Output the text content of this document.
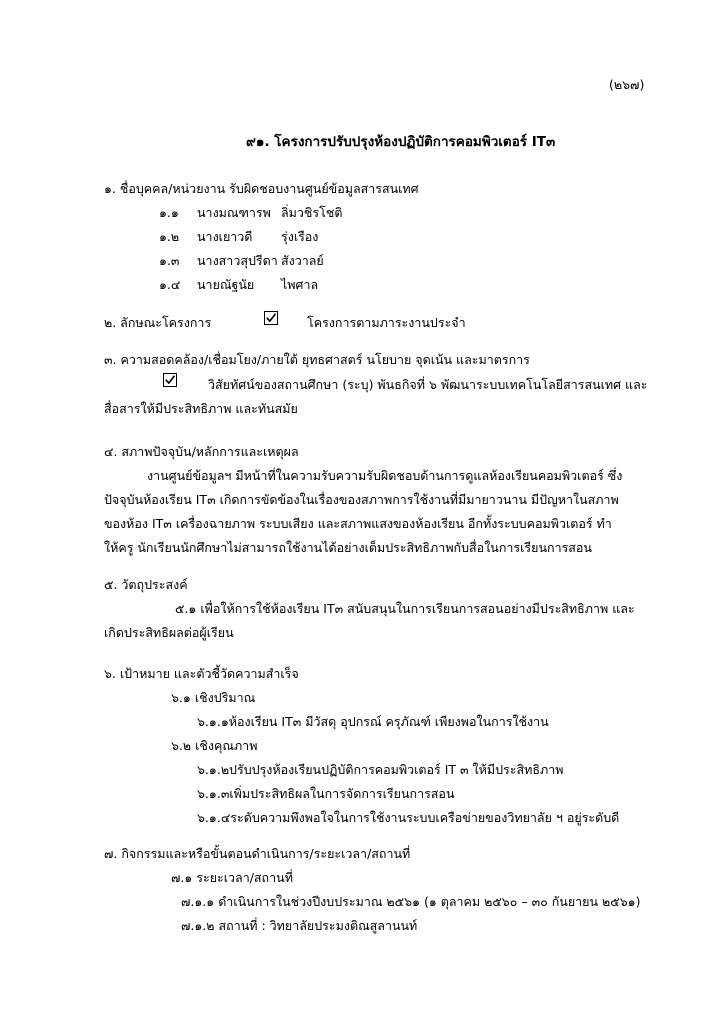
(๒๖๗)
๙๑. โครงการปรับปรุงห้องปฏิบัติการคอมพิวเตอร์ IT๓
๑. ชื่อบุคคล/หน่วยงาน รับผิดชอบงานศูนย์ข้อมูลสารสนเทศ
๑.๑ นางมณฑารพ ลิ่มวชิรโชติ
๑.๒ นางเยาวดี รุ่งเรือง
๑.๓ นางสาวสุปรีดา สังวาลย์
๑.๔ นายณัฐนัย ไพศาล
๒. ลักษณะโครงการ	โครงการตามภาระงานประจำ
๓. ความสอดคล้อง/เชื่อมโยง/ภายใต้ ยุทธศาสตร์ นโยบาย จุดเน้น และมาตรการ
วิสัยทัศน์ของสถานศึกษา (ระบุ) พันธกิจที่ ๖ พัฒนาระบบเทคโนโลยีสารสนเทศ และ
สื่อสารให้มีประสิทธิภาพ และทันสมัย
๔. สภาพปัจจุบัน/หลักการและเหตุผล
งานศูนย์ข้อมูลฯ มีหน้าที่ในความรับความรับผิดชอบด้านการดูแลห้องเรียนคอมพิวเตอร์ ซึ่ง
ปัจจุบันห้องเรียน IT๓ เกิดการขัดข้องในเรื่องของสภาพการใช้งานที่มีมายาวนาน มีปัญหาในสภาพ
ของห้อง IT๓ เครื่องฉายภาพ ระบบเสียง และสภาพแสงของห้องเรียน อีกทั้งระบบคอมพิวเตอร์ ทำ
ให้ครู นักเรียนนักศึกษาไม่สามารถใช้งานได้อย่างเต็มประสิทธิภาพกับสื่อในการเรียนการสอน
๕. วัตถุประสงค์
๕.๑ เพื่อให้การใช้ห้องเรียน IT๓ สนับสนุนในการเรียนการสอนอย่างมีประสิทธิภาพ และ
เกิดประสิทธิผลต่อผู้เรียน
๖. เป้าหมาย และตัวชี้วัดความสำเร็จ
๖.๑ เชิงปริมาณ
๖.๑.๑ห้องเรียน IT๓ มีวัสดุ อุปกรณ์ ครุภัณฑ์ เพียงพอในการใช้งาน
๖.๒ เชิงคุณภาพ
๖.๑.๒ปรับปรุงห้องเรียนปฏิบัติการคอมพิวเตอร์ IT ๓ ให้มีประสิทธิภาพ
๖.๑.๓เพิ่มประสิทธิผลในการจัดการเรียนการสอน
๖.๑.๔ระดับความพึงพอใจในการใช้งานระบบเครือข่ายของวิทยาลัย ฯ อยู่ระดับดี
๗. กิจกรรมและหรือขั้นตอนดำเนินการ/ระยะเวลา/สถานที่
๗.๑ ระยะเวลา/สถานที่
๗.๑.๑ ดำเนินการในช่วงปีงบประมาณ ๒๕๖๑ (๑ ตุลาคม ๒๕๖๐ – ๓๐ กันยายน ๒๕๖๑)
๗.๑.๒ สถานที่ : วิทยาลัยประมงติณสูลานนท์
